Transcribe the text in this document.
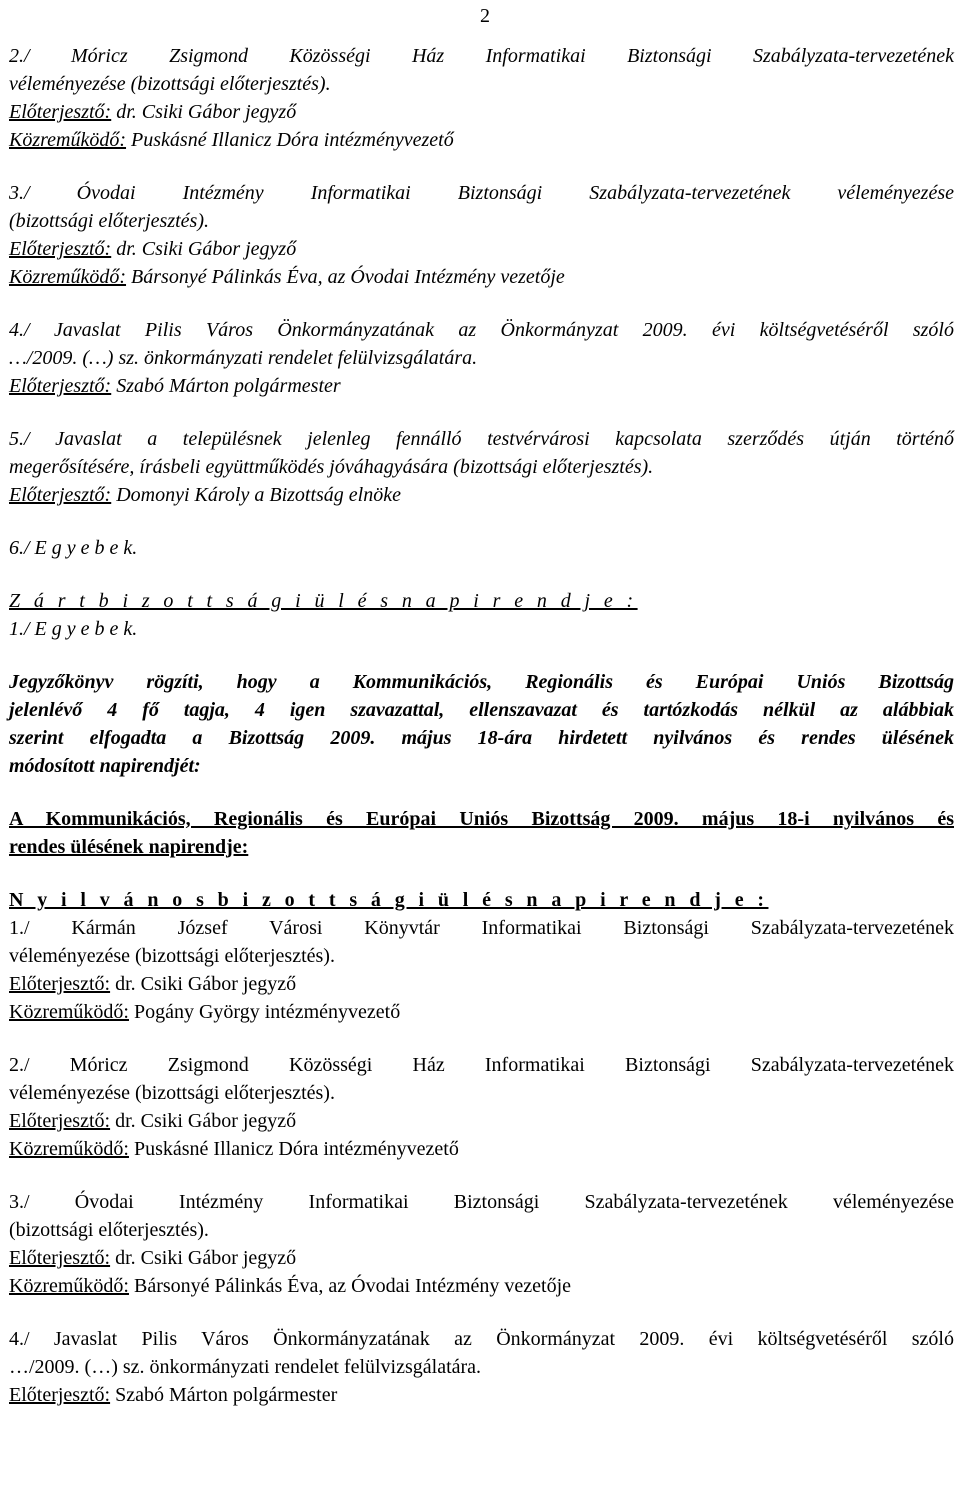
2
2./ Móricz Zsigmond Közösségi Ház Informatikai Biztonsági Szabályzata-tervezetének
véleményezése (bizottsági előterjesztés).
Előterjesztő: dr. Csiki Gábor jegyző
Közreműködő: Puskásné Illanicz Dóra intézményvezető
3./ Óvodai Intézmény Informatikai Biztonsági Szabályzata-tervezetének véleményezése
(bizottsági előterjesztés).
Előterjesztő: dr. Csiki Gábor jegyző
Közreműködő: Bársonyé Pálinkás Éva, az Óvodai Intézmény vezetője
4./ Javaslat Pilis Város Önkormányzatának az Önkormányzat 2009. évi költségvetéséről szóló
…/2009. (…) sz. önkormányzati rendelet felülvizsgálatára.
Előterjesztő: Szabó Márton polgármester
5./ Javaslat a településnek jelenleg fennálló testvérvárosi kapcsolata szerződés útján történő
megerősítésére, írásbeli együttműködés jóváhagyására (bizottsági előterjesztés).
Előterjesztő: Domonyi Károly a Bizottság elnöke
6./ E g y e b e k.
Z á r t b i z o t t s á g i ü l é s n a p i r e n d j e :
1./ E g y e b e k.
Jegyzőkönyv rögzíti, hogy a Kommunikációs, Regionális és Európai Uniós Bizottság
jelenlévő 4 fő tagja, 4 igen szavazattal, ellenszavazat és tartózkodás nélkül az alábbiak
szerint elfogadta a Bizottság 2009. május 18-ára hirdetett nyilvános és rendes ülésének
módosított napirendjét:
A Kommunikációs, Regionális és Európai Uniós Bizottság 2009. május 18-i nyilvános és
rendes ülésének napirendje:
N y i l v á n o s b i z o t t s á g i ü l é s n a p i r e n d j e :
1./ Kármán József Városi Könyvtár Informatikai Biztonsági Szabályzata-tervezetének
véleményezése (bizottsági előterjesztés).
Előterjesztő: dr. Csiki Gábor jegyző
Közreműködő: Pogány György intézményvezető
2./ Móricz Zsigmond Közösségi Ház Informatikai Biztonsági Szabályzata-tervezetének
véleményezése (bizottsági előterjesztés).
Előterjesztő: dr. Csiki Gábor jegyző
Közreműködő: Puskásné Illanicz Dóra intézményvezető
3./ Óvodai Intézmény Informatikai Biztonsági Szabályzata-tervezetének véleményezése
(bizottsági előterjesztés).
Előterjesztő: dr. Csiki Gábor jegyző
Közreműködő: Bársonyé Pálinkás Éva, az Óvodai Intézmény vezetője
4./ Javaslat Pilis Város Önkormányzatának az Önkormányzat 2009. évi költségvetéséről szóló
…/2009. (…) sz. önkormányzati rendelet felülvizsgálatára.
Előterjesztő: Szabó Márton polgármester
